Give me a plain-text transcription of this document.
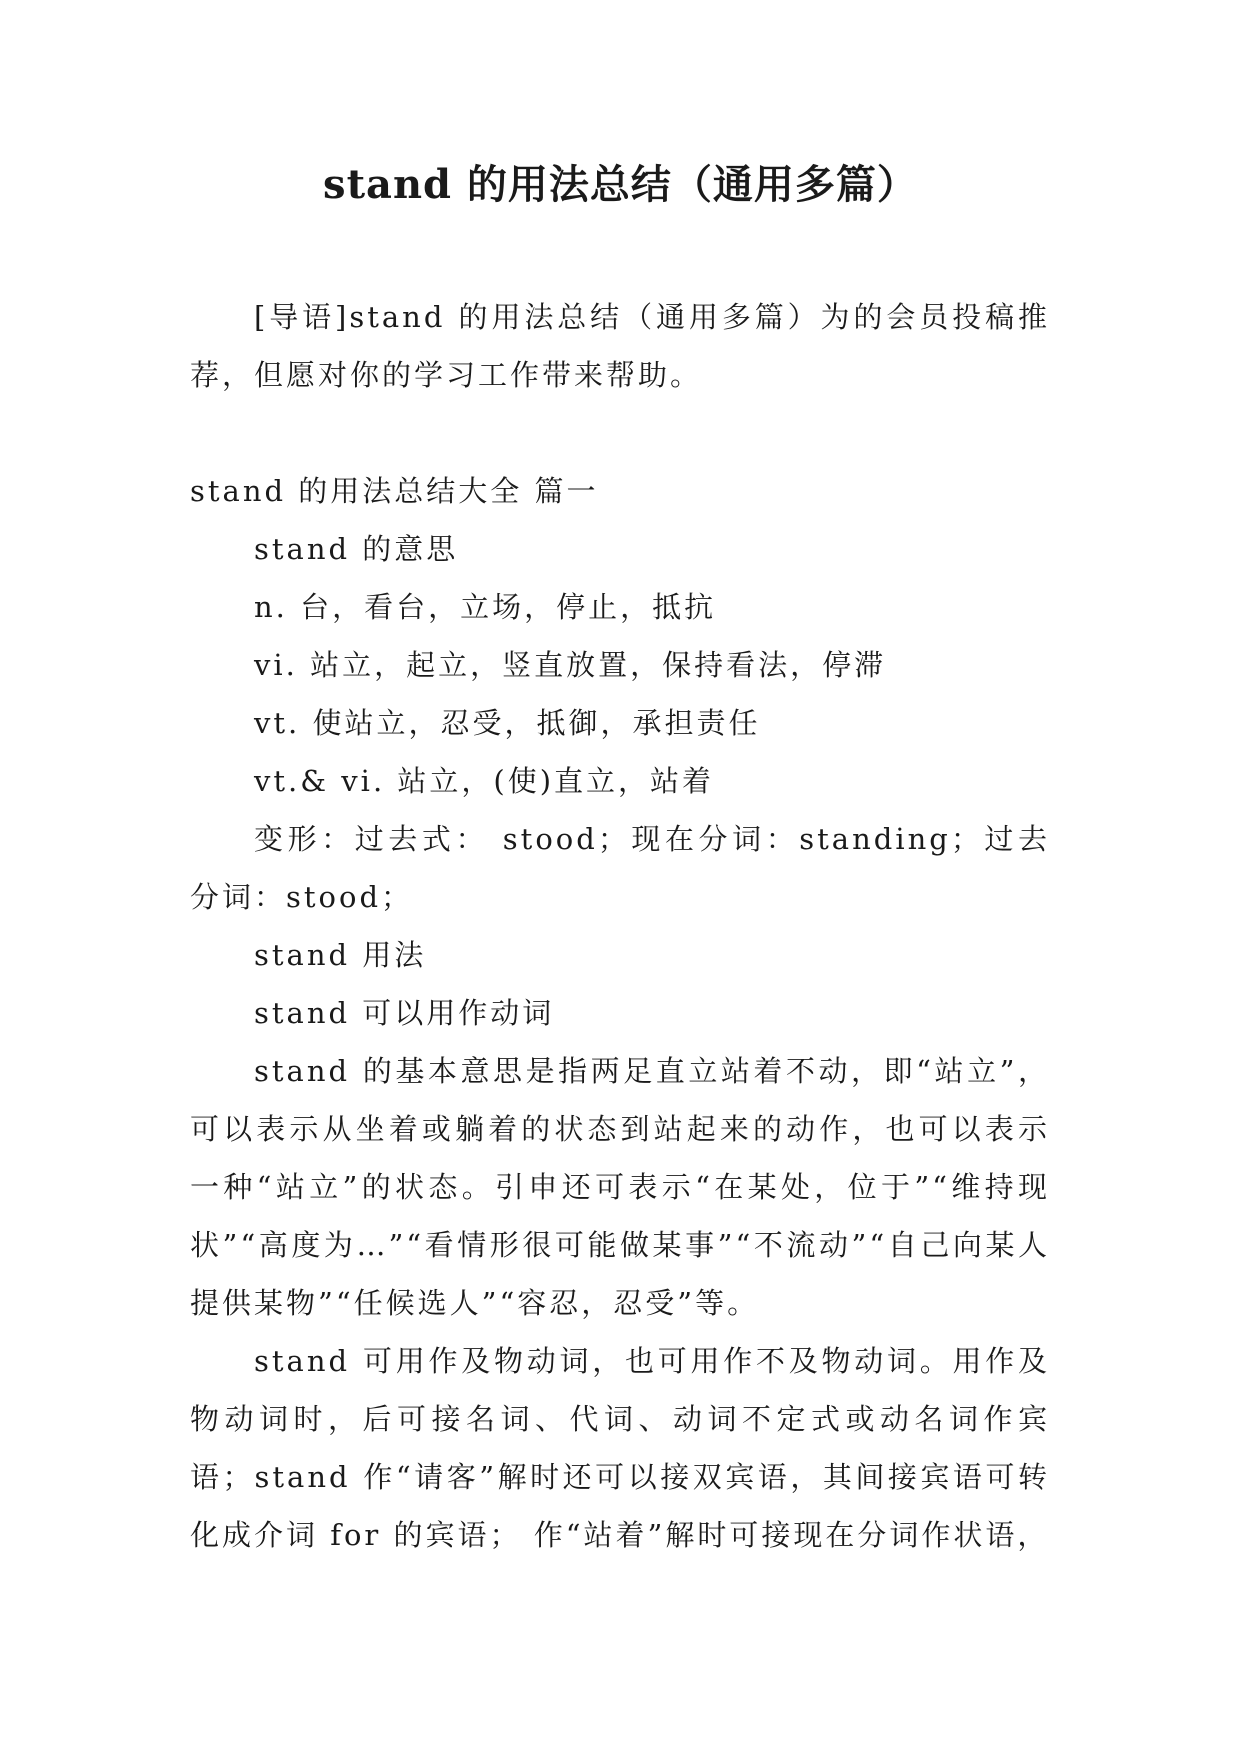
stand 的用法总结（通用多篇）

[导语]stand 的用法总结（通用多篇）为的会员投稿推荐，但愿对你的学习工作带来帮助。

stand 的用法总结大全 篇一

stand 的意思

n. 台，看台，立场，停止，抵抗

vi. 站立，起立，竖直放置，保持看法，停滞

vt. 使站立，忍受，抵御，承担责任

vt.& vi. 站立，(使)直立，站着

变形：过去式： stood；现在分词：standing；过去分词：stood；

stand 用法

stand 可以用作动词

stand 的基本意思是指两足直立站着不动，即“站立”，可以表示从坐着或躺着的状态到站起来的动作，也可以表示一种“站立”的状态。引申还可表示“在某处，位于”“维持现状”“高度为…”“看情形很可能做某事”“不流动”“自己向某人提供某物”“任候选人”“容忍，忍受”等。

stand 可用作及物动词，也可用作不及物动词。用作及物动词时，后可接名词、代词、动词不定式或动名词作宾语；stand 作“请客”解时还可以接双宾语，其间接宾语可转化成介词 for 的宾语； 作“站着”解时可接现在分词作状语，
